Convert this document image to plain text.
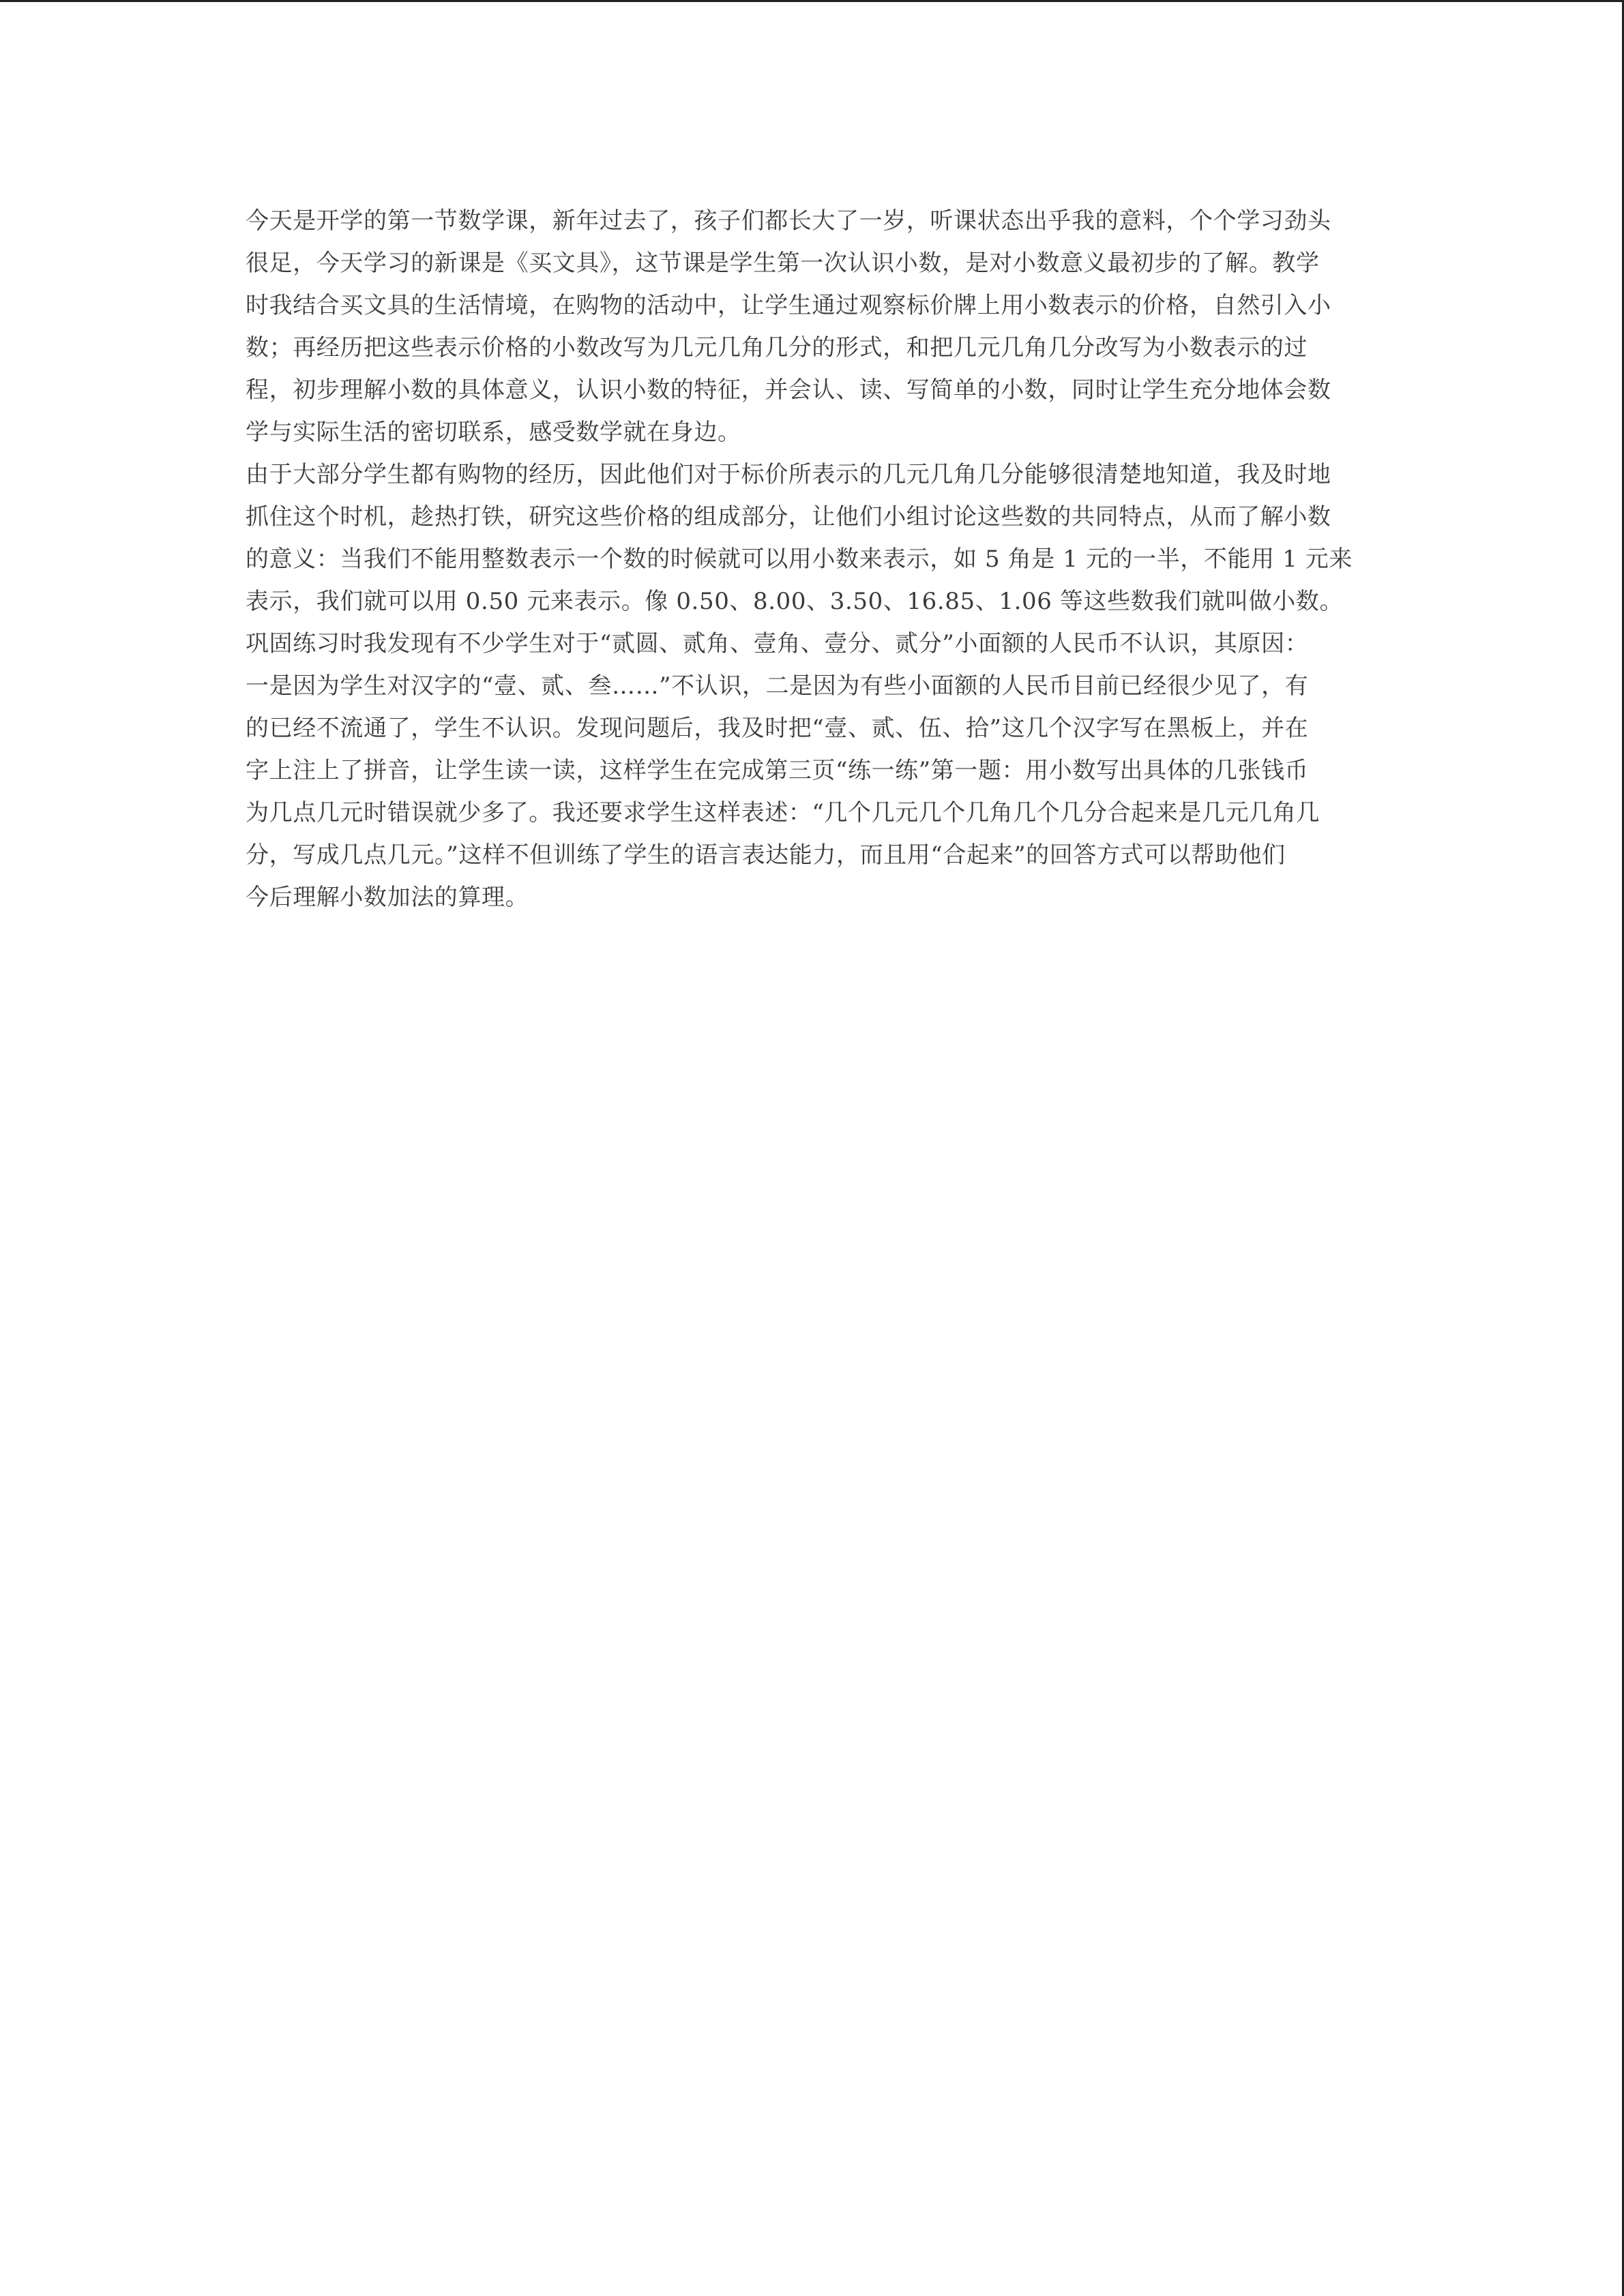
今天是开学的第一节数学课，新年过去了，孩子们都长大了一岁，听课状态出乎我的意料，个个学习劲头
很足，今天学习的新课是《买文具》，这节课是学生第一次认识小数，是对小数意义最初步的了解。教学
时我结合买文具的生活情境，在购物的活动中，让学生通过观察标价牌上用小数表示的价格，自然引入小
数；再经历把这些表示价格的小数改写为几元几角几分的形式，和把几元几角几分改写为小数表示的过
程，初步理解小数的具体意义，认识小数的特征，并会认、读、写简单的小数，同时让学生充分地体会数
学与实际生活的密切联系，感受数学就在身边。
由于大部分学生都有购物的经历，因此他们对于标价所表示的几元几角几分能够很清楚地知道，我及时地
抓住这个时机，趁热打铁，研究这些价格的组成部分，让他们小组讨论这些数的共同特点，从而了解小数
的意义：当我们不能用整数表示一个数的时候就可以用小数来表示，如 5 角是 1 元的一半，不能用 1 元来
表示，我们就可以用 0.50 元来表示。像 0.50、8.00、3.50、16.85、1.06 等这些数我们就叫做小数。
巩固练习时我发现有不少学生对于“贰圆、贰角、壹角、壹分、贰分”小面额的人民币不认识，其原因：
一是因为学生对汉字的“壹、贰、叁……”不认识，二是因为有些小面额的人民币目前已经很少见了，有
的已经不流通了，学生不认识。发现问题后，我及时把“壹、贰、伍、拾”这几个汉字写在黑板上，并在
字上注上了拼音，让学生读一读，这样学生在完成第三页“练一练”第一题：用小数写出具体的几张钱币
为几点几元时错误就少多了。我还要求学生这样表述：“几个几元几个几角几个几分合起来是几元几角几
分，写成几点几元。”这样不但训练了学生的语言表达能力，而且用“合起来”的回答方式可以帮助他们
今后理解小数加法的算理。
